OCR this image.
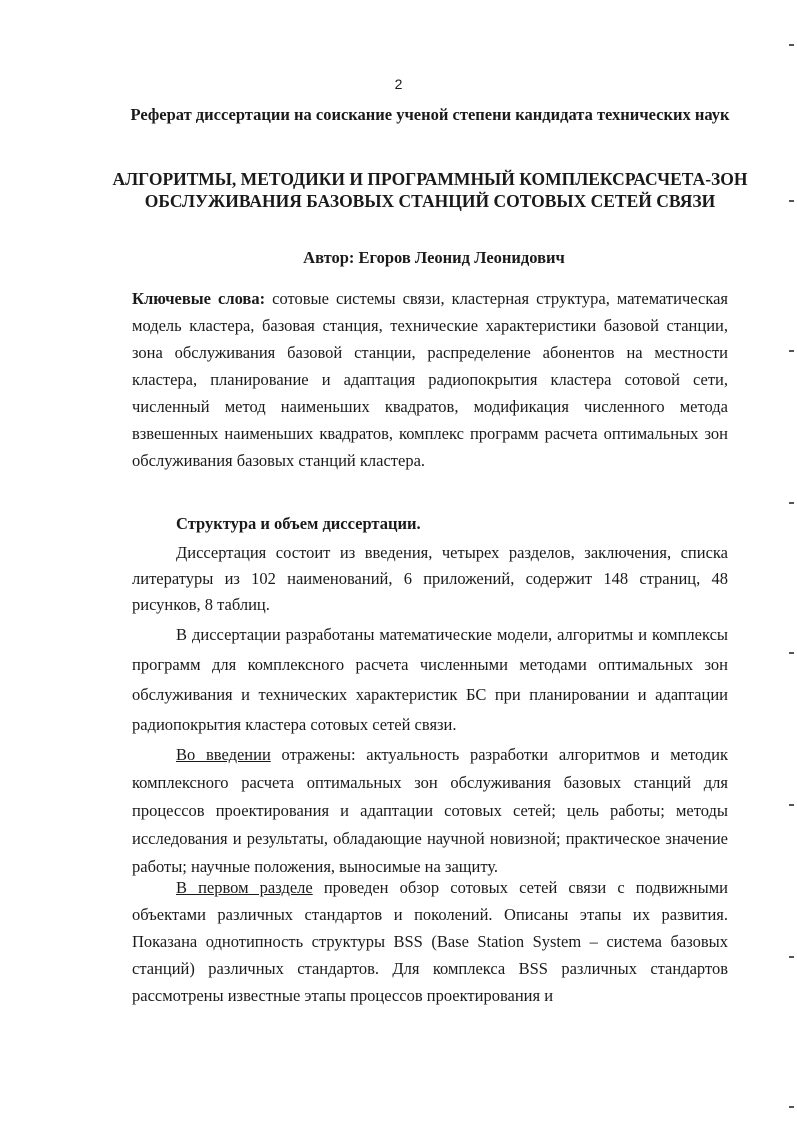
2
Реферат диссертации на соискание ученой степени кандидата технических наук
АЛГОРИТМЫ, МЕТОДИКИ И ПРОГРАММНЫЙ КОМПЛЕКСРАСЧЕТА-ЗОН ОБСЛУЖИВАНИЯ БАЗОВЫХ СТАНЦИЙ СОТОВЫХ СЕТЕЙ СВЯЗИ
Автор: Егоров Леонид Леонидович

Ключевые слова: сотовые системы связи, кластерная структура, математическая модель кластера, базовая станция, технические характеристики базовой станции, зона обслуживания базовой станции, распределение абонентов на местности кластера, планирование и адаптация радиопокрытия кластера сотовой сети, численный метод наименьших квадратов, модификация численного метода взвешенных наименьших квадратов, комплекс программ расчета оптимальных зон обслуживания базовых станций кластера.

Структура и объем диссертации.

Диссертация состоит из введения, четырех разделов, заключения, списка литературы из 102 наименований, 6 приложений, содержит 148 страниц, 48 рисунков, 8 таблиц.

В диссертации разработаны математические модели, алгоритмы и комплексы программ для комплексного расчета численными методами оптимальных зон обслуживания и технических характеристик БС при планировании и адаптации радиопокрытия кластера сотовых сетей связи.

Во введении отражены: актуальность разработки алгоритмов и методик комплексного расчета оптимальных зон обслуживания базовых станций для процессов проектирования и адаптации сотовых сетей; цель работы; методы исследования и результаты, обладающие научной новизной; практическое значение работы; научные положения, выносимые на защиту.

В первом разделе проведен обзор сотовых сетей связи с подвижными объектами различных стандартов и поколений. Описаны этапы их развития. Показана однотипность структуры BSS (Base Station System – система базовых станций) различных стандартов. Для комплекса BSS различных стандартов рассмотрены известные этапы процессов проектирования и
